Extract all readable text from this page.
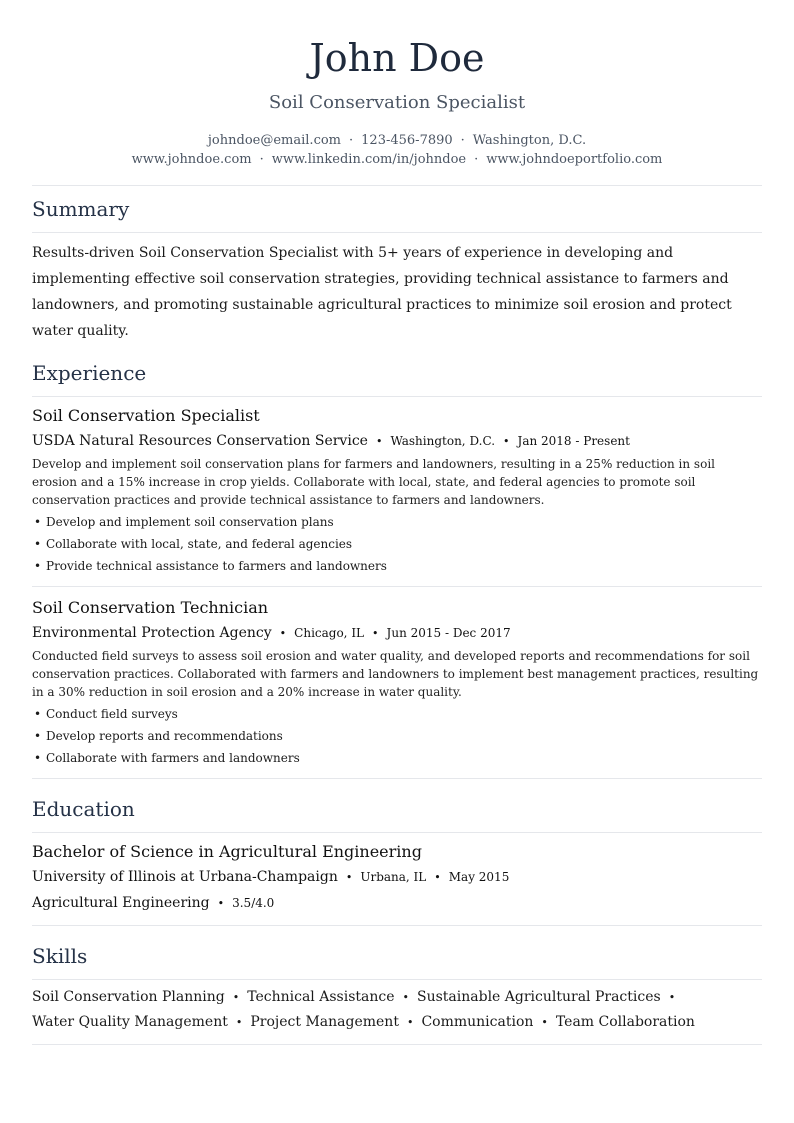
John Doe
Soil Conservation Specialist
johndoe@email.com · 123-456-7890 · Washington, D.C.
www.johndoe.com · www.linkedin.com/in/johndoe · www.johndoeportfolio.com
Summary
Results-driven Soil Conservation Specialist with 5+ years of experience in developing and implementing effective soil conservation strategies, providing technical assistance to farmers and landowners, and promoting sustainable agricultural practices to minimize soil erosion and protect water quality.
Experience
Soil Conservation Specialist
USDA Natural Resources Conservation Service • Washington, D.C. • Jan 2018 - Present
Develop and implement soil conservation plans for farmers and landowners, resulting in a 25% reduction in soil erosion and a 15% increase in crop yields. Collaborate with local, state, and federal agencies to promote soil conservation practices and provide technical assistance to farmers and landowners.
• Develop and implement soil conservation plans
• Collaborate with local, state, and federal agencies
• Provide technical assistance to farmers and landowners
Soil Conservation Technician
Environmental Protection Agency • Chicago, IL • Jun 2015 - Dec 2017
Conducted field surveys to assess soil erosion and water quality, and developed reports and recommendations for soil conservation practices. Collaborated with farmers and landowners to implement best management practices, resulting in a 30% reduction in soil erosion and a 20% increase in water quality.
• Conduct field surveys
• Develop reports and recommendations
• Collaborate with farmers and landowners
Education
Bachelor of Science in Agricultural Engineering
University of Illinois at Urbana-Champaign • Urbana, IL • May 2015
Agricultural Engineering • 3.5/4.0
Skills
Soil Conservation Planning • Technical Assistance • Sustainable Agricultural Practices •
Water Quality Management • Project Management • Communication • Team Collaboration
